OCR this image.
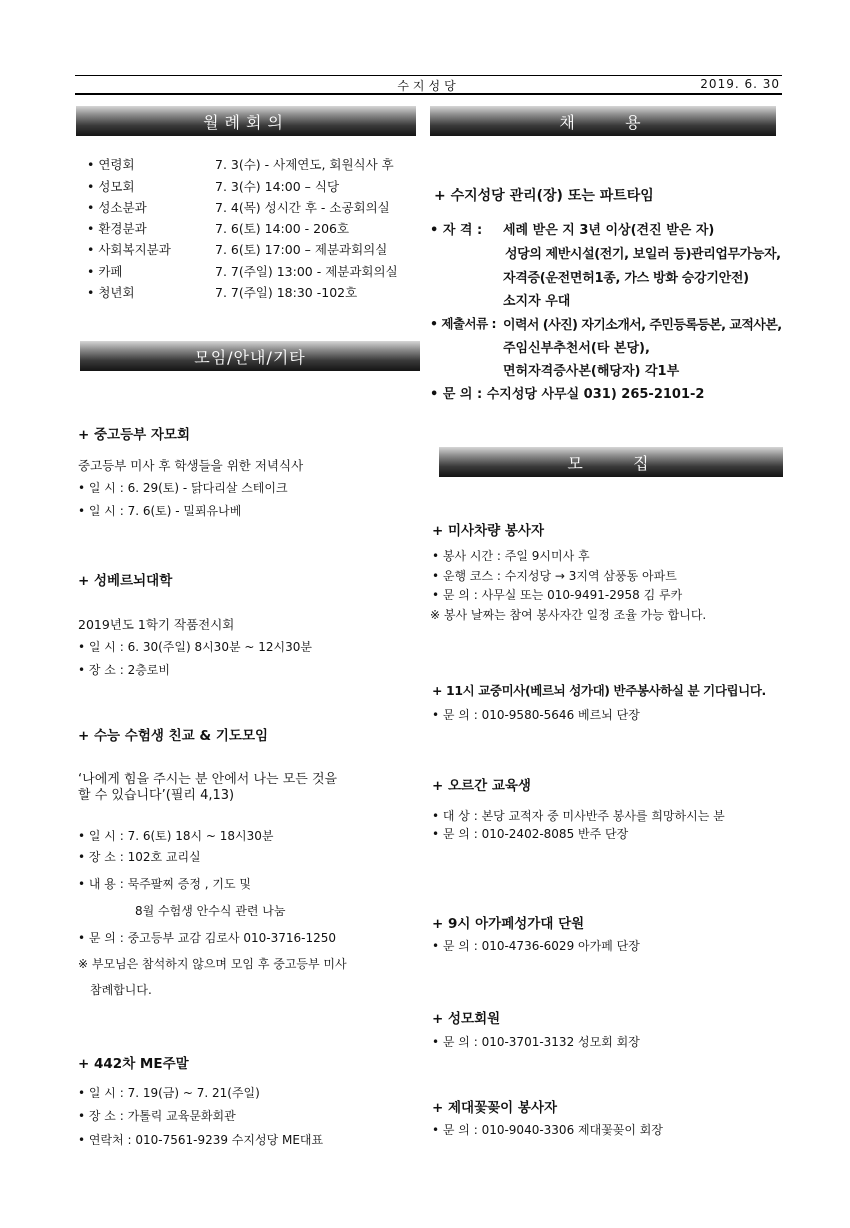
수지성당	2019. 6. 30
월례회의
• 연령회	7. 3(수) - 사제연도, 회원식사 후
• 성모회	7. 3(수) 14:00 – 식당
• 성소분과	7. 4(목) 성시간 후 - 소공회의실
• 환경분과	7. 6(토) 14:00 - 206호
• 사회복지분과	7. 6(토) 17:00 – 제분과회의실
• 카페	7. 7(주일) 13:00 - 제분과회의실
• 청년회	7. 7(주일) 18:30 -102호
모임/안내/기타
+ 중고등부 자모회
중고등부 미사 후 학생들을 위한 저녁식사
• 일 시 : 6. 29(토) - 닭다리살 스테이크
• 일 시 : 7. 6(토) - 밀푀유나베
+ 성베르뇌대학
2019년도 1학기 작품전시회
• 일 시 : 6. 30(주일) 8시30분 ~ 12시30분
• 장 소 : 2층로비
+ 수능 수험생 친교 & 기도모임
‘나에게 힘을 주시는 분 안에서 나는 모든 것을
할 수 있습니다’(필리 4,13)
• 일 시 : 7. 6(토) 18시 ~ 18시30분
• 장 소 : 102호 교리실
• 내 용 : 묵주팔찌 증정 , 기도 및
8월 수험생 안수식 관련 나눔
• 문 의 : 중고등부 교감 김로사 010-3716-1250
※ 부모님은 참석하지 않으며 모임 후 중고등부 미사
참례합니다.
+ 442차 ME주말
• 일 시 : 7. 19(금) ~ 7. 21(주일)
• 장 소 : 가톨릭 교육문화회관
• 연락처 : 010-7561-9239 수지성당 ME대표
채    용
+ 수지성당 관리(장) 또는 파트타임
• 자 격 : 세례 받은 지 3년 이상(견진 받은 자)
성당의 제반시설(전기, 보일러 등)관리업무가능자,
자격증(운전면허1종, 가스 방화 승강기안전)
소지자 우대
• 제출서류 : 이력서 (사진) 자기소개서, 주민등록등본, 교적사본,
주임신부추천서(타 본당),
면허자격증사본(해당자) 각1부
• 문 의 : 수지성당 사무실 031) 265-2101-2
모    집
+ 미사차량 봉사자
• 봉사 시간 : 주일 9시미사 후
• 운행 코스 : 수지성당 → 3지역 삼풍동 아파트
• 문 의 : 사무실 또는 010-9491-2958 김 루카
※ 봉사 날짜는 참여 봉사자간 일정 조율 가능 합니다.
+ 11시 교중미사(베르뇌 성가대) 반주봉사하실 분 기다립니다.
• 문 의 : 010-9580-5646 베르뇌 단장
+ 오르간 교육생
• 대 상 : 본당 교적자 중 미사반주 봉사를 희망하시는 분
• 문 의 : 010-2402-8085 반주 단장
+ 9시 아가페성가대 단원
• 문 의 : 010-4736-6029 아가페 단장
+ 성모회원
• 문 의 : 010-3701-3132 성모회 회장
+ 제대꽃꽂이 봉사자
• 문 의 : 010-9040-3306 제대꽃꽂이 회장
